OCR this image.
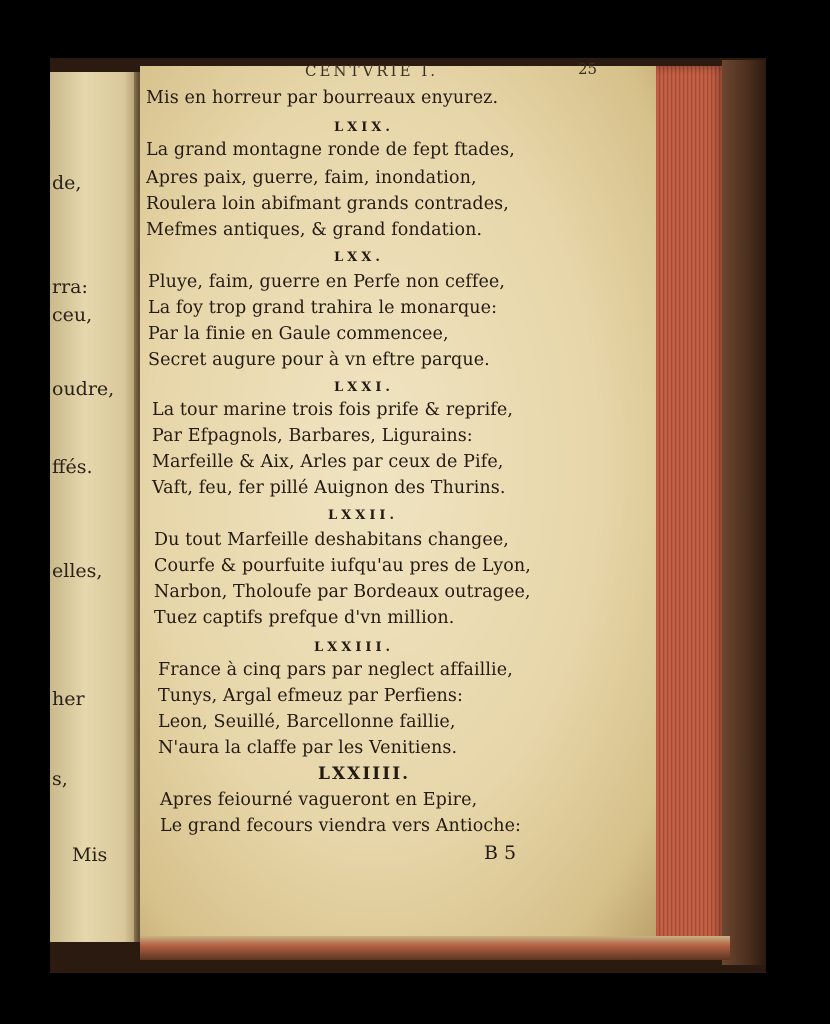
de,
rra:
ceu,
oudre,
ffés.
elles,
her
s,
Mis
CENTVRIE I.	25
Mis en horreur par bourreaux enyurez.
LXIX.
La grand montagne ronde de fept ftades,
Apres paix, guerre, faim, inondation,
Roulera loin abifmant grands contrades,
Mefmes antiques, & grand fondation.
LXX.
Pluye, faim, guerre en Perfe non ceffee,
La foy trop grand trahira le monarque:
Par la finie en Gaule commencee,
Secret augure pour à vn eftre parque.
LXXI.
La tour marine trois fois prife & reprife,
Par Efpagnols, Barbares, Ligurains:
Marfeille & Aix, Arles par ceux de Pife,
Vaft, feu, fer pillé Auignon des Thurins.
LXXII.
Du tout Marfeille deshabitans changee,
Courfe & pourfuite iufqu'au pres de Lyon,
Narbon, Tholoufe par Bordeaux outragee,
Tuez captifs prefque d'vn million.
LXXIII.
France à cinq pars par neglect affaillie,
Tunys, Argal efmeuz par Perfiens:
Leon, Seuillé, Barcellonne faillie,
N'aura la claffe par les Venitiens.
LXXIIII.
Apres feiourné vagueront en Epire,
Le grand fecours viendra vers Antioche:
B 5
